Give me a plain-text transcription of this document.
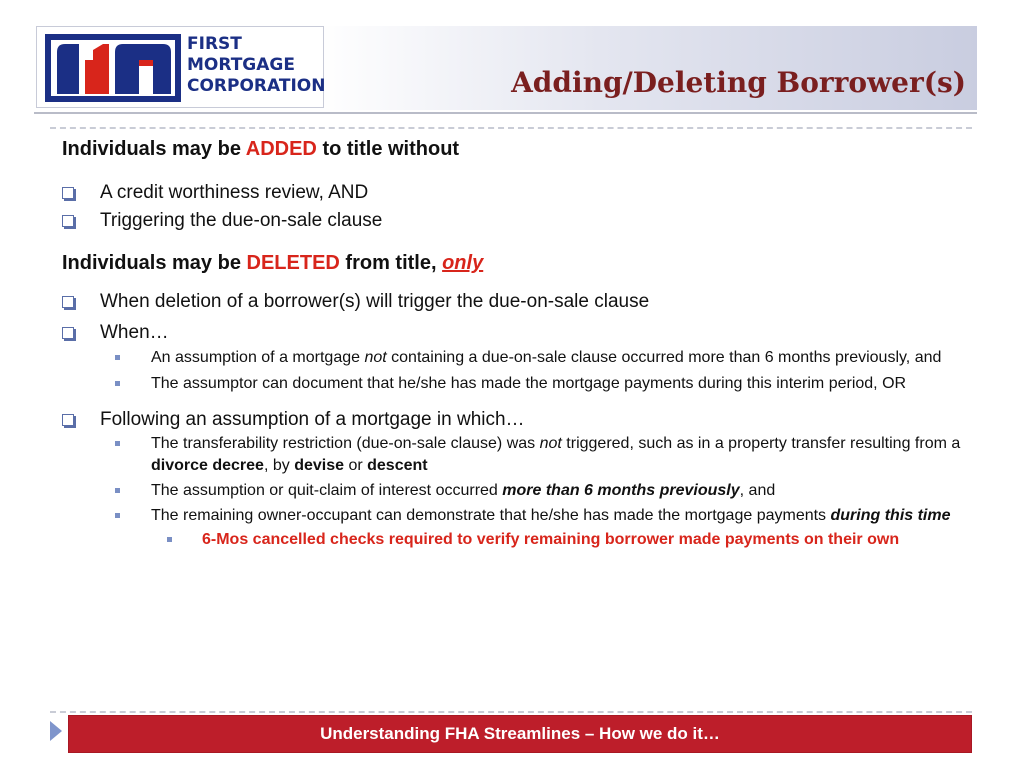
FIRST
MORTGAGE
CORPORATION	Adding/Deleting Borrower(s)
Individuals may be ADDED to title without
A credit worthiness review, AND
Triggering the due-on-sale clause
Individuals may be DELETED from title, only
When deletion of a borrower(s) will trigger the due-on-sale clause
When…
An assumption of a mortgage not containing a due-on-sale clause occurred more than 6 months previously, and
The assumptor can document that he/she has made the mortgage payments during this interim period, OR
Following an assumption of a mortgage in which…
The transferability restriction (due-on-sale clause) was not triggered, such as in a property transfer resulting from a divorce decree, by devise or descent
The assumption or quit-claim of interest occurred more than 6 months previously, and
The remaining owner-occupant can demonstrate that he/she has made the mortgage payments during this time
6-Mos cancelled checks required to verify remaining borrower made payments on their own
Understanding FHA Streamlines – How we do it…
